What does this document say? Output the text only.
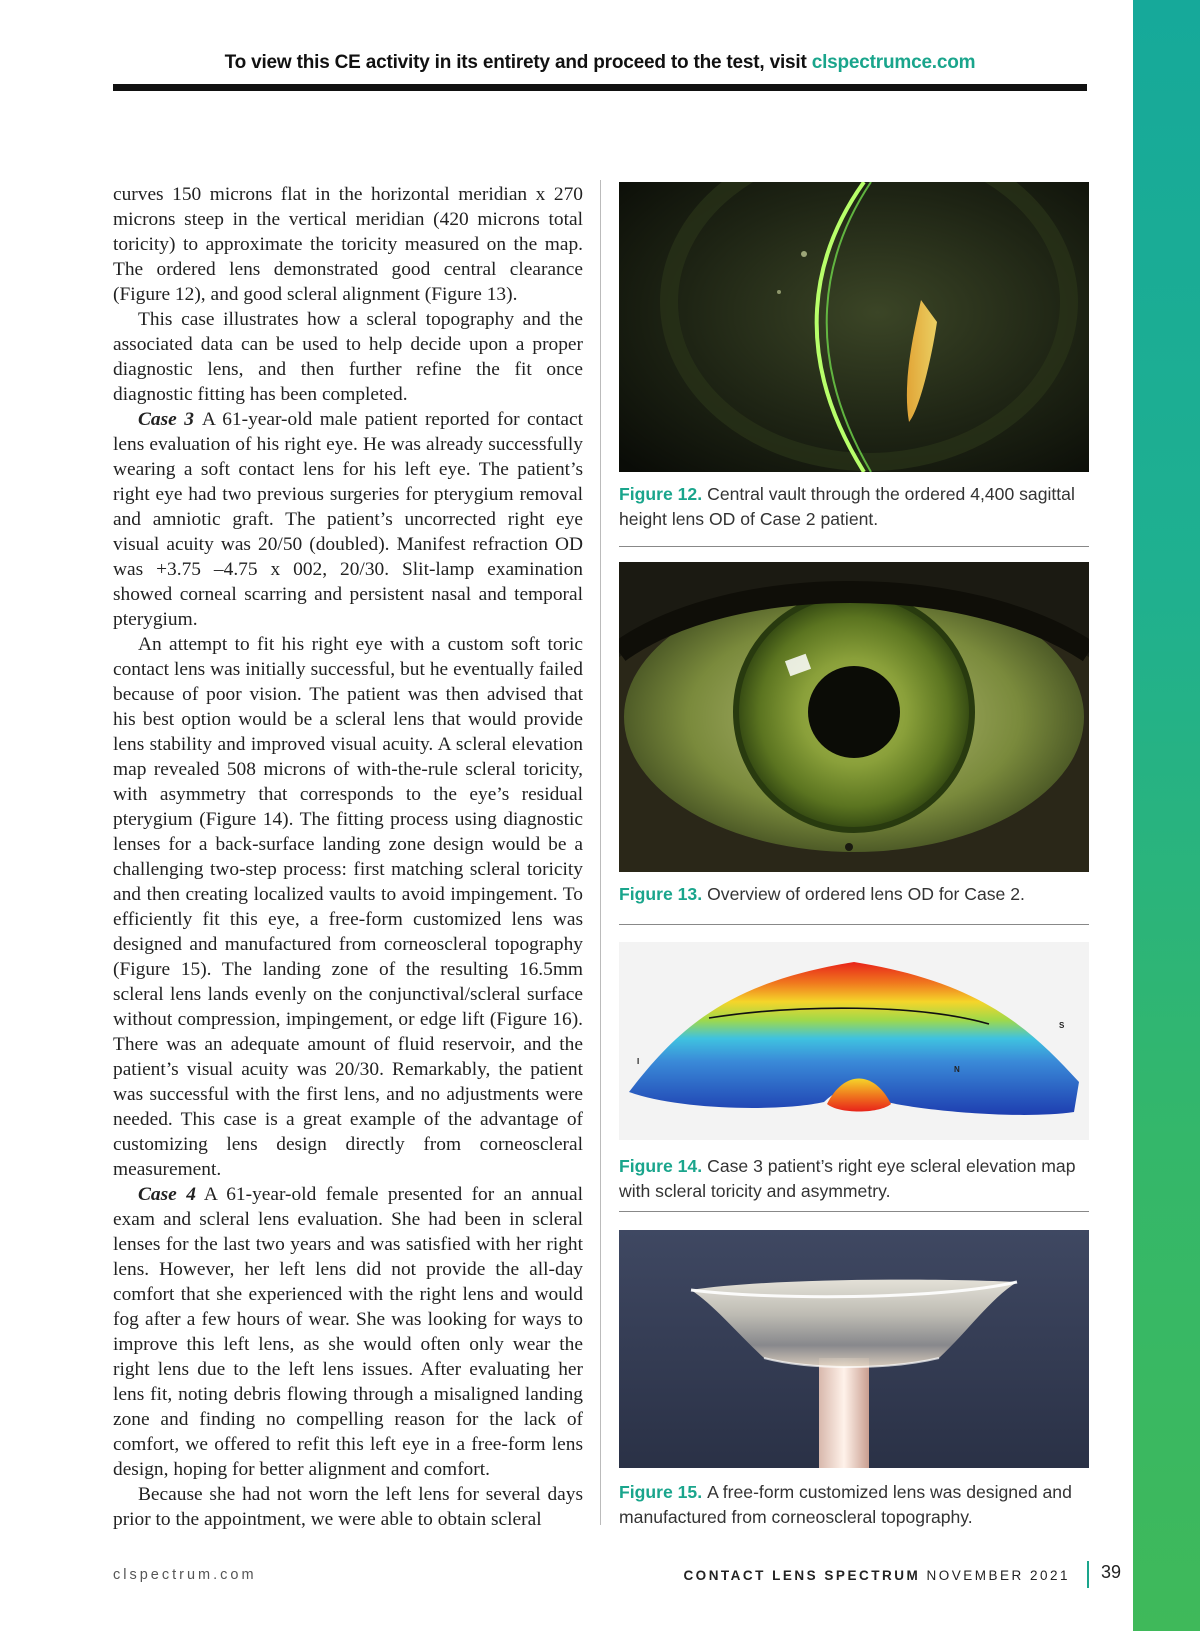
To view this CE activity in its entirety and proceed to the test, visit clspectrumce.com

curves 150 microns flat in the horizontal meridian x 270 microns steep in the vertical meridian (420 microns total toricity) to approximate the toricity measured on the map. The ordered lens demonstrated good central clearance (Figure 12), and good scleral alignment (Figure 13).

This case illustrates how a scleral topography and the associated data can be used to help decide upon a proper diagnostic lens, and then further refine the fit once diagnostic fitting has been completed.

Case 3 A 61-year-old male patient reported for contact lens evaluation of his right eye. He was already successfully wearing a soft contact lens for his left eye. The patient’s right eye had two previous surgeries for pterygium removal and amniotic graft. The patient’s uncorrected right eye visual acuity was 20/50 (doubled). Manifest refraction OD was +3.75 –4.75 x 002, 20/30. Slit-lamp examination showed corneal scarring and persistent nasal and temporal pterygium.

An attempt to fit his right eye with a custom soft toric contact lens was initially successful, but he eventually failed because of poor vision. The patient was then advised that his best option would be a scleral lens that would provide lens stability and improved visual acuity. A scleral elevation map revealed 508 microns of with-the-rule scleral toricity, with asymmetry that corresponds to the eye’s residual pterygium (Figure 14). The fitting process using diagnostic lenses for a back-surface landing zone design would be a challenging two-step process: first matching scleral toricity and then creating localized vaults to avoid impingement. To efficiently fit this eye, a free-form customized lens was designed and manufactured from corneoscleral topography (Figure 15). The landing zone of the resulting 16.5mm scleral lens lands evenly on the conjunctival/scleral surface without compression, impingement, or edge lift (Figure 16). There was an adequate amount of fluid reservoir, and the patient’s visual acuity was 20/30. Remarkably, the patient was successful with the first lens, and no adjustments were needed. This case is a great example of the advantage of customizing lens design directly from corneoscleral measurement.

Case 4 A 61-year-old female presented for an annual exam and scleral lens evaluation. She had been in scleral lenses for the last two years and was satisfied with her right lens. However, her left lens did not provide the all-day comfort that she experienced with the right lens and would fog after a few hours of wear. She was looking for ways to improve this left lens, as she would often only wear the right lens due to the left lens issues. After evaluating her lens fit, noting debris flowing through a misaligned landing zone and finding no compelling reason for the lack of comfort, we offered to refit this left eye in a free-form lens design, hoping for better alignment and comfort.

Because she had not worn the left lens for several days prior to the appointment, we were able to obtain scleral

Figure 12. Central vault through the ordered 4,400 sagittal height lens OD of Case 2 patient.
Figure 13. Overview of ordered lens OD for Case 2.
I
S
N
Figure 14. Case 3 patient’s right eye scleral elevation map with scleral toricity and asymmetry.
Figure 15. A free-form customized lens was designed and manufactured from corneoscleral topography.
clspectrum.com	CONTACT LENS SPECTRUM NOVEMBER 2021 39
